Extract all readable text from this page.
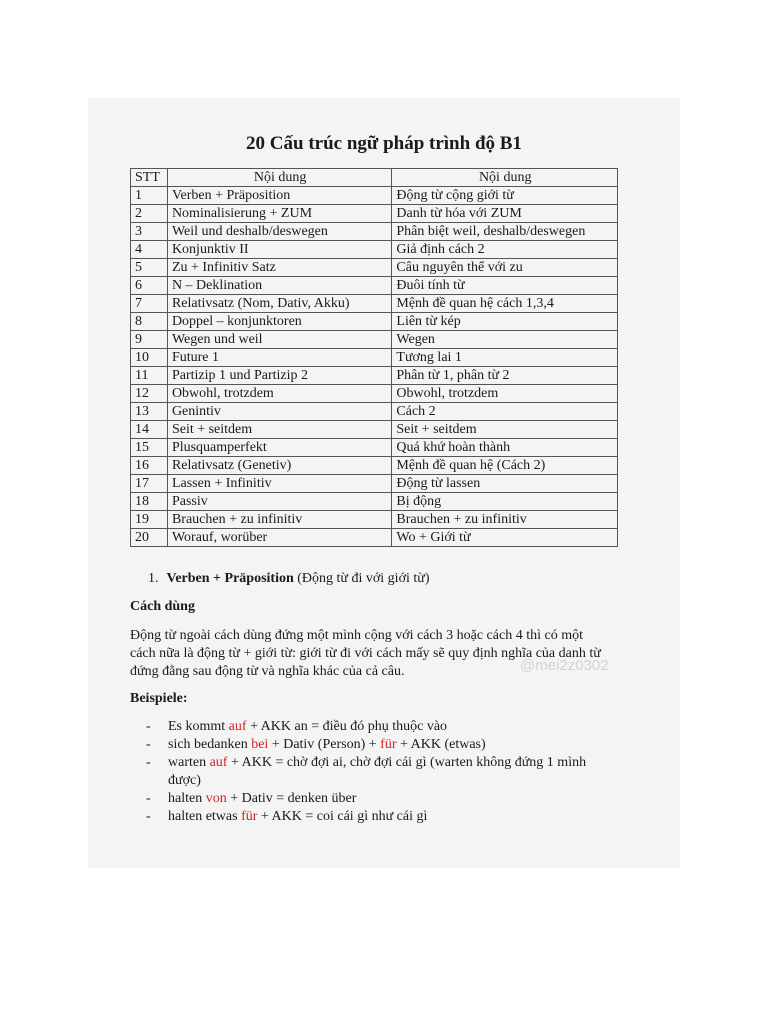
20 Cấu trúc ngữ pháp trình độ B1
STT	Nội dung	Nội dung
1	Verben + Präposition	Động từ cộng giới từ
2	Nominalisierung + ZUM	Danh từ hóa với ZUM
3	Weil und deshalb/deswegen	Phân biệt weil, deshalb/deswegen
4	Konjunktiv II	Giả định cách 2
5	Zu + Infinitiv Satz	Câu nguyên thể với zu
6	N – Deklination	Đuôi tính từ
7	Relativsatz (Nom, Dativ, Akku)	Mệnh đề quan hệ cách 1,3,4
8	Doppel – konjunktoren	Liên từ kép
9	Wegen und weil	Wegen
10	Future 1	Tương lai 1
11	Partizip 1 und Partizip 2	Phân từ 1, phân từ 2
12	Obwohl, trotzdem	Obwohl, trotzdem
13	Genintiv	Cách 2
14	Seit + seitdem	Seit + seitdem
15	Plusquamperfekt	Quá khứ hoàn thành
16	Relativsatz (Genetiv)	Mệnh đề quan hệ (Cách 2)
17	Lassen + Infinitiv	Động từ lassen
18	Passiv	Bị động
19	Brauchen + zu infinitiv	Brauchen + zu infinitiv
20	Worauf, worüber	Wo + Giới từ
1. Verben + Präposition (Động từ đi với giới từ)
Cách dùng
Động từ ngoài cách dùng đứng một mình cộng với cách 3 hoặc cách 4 thì có một cách nữa là động từ + giới từ: giới từ đi với cách mấy sẽ quy định nghĩa của danh từ đứng đằng sau động từ và nghĩa khác của cả câu.
Beispiele:
- Es kommt auf + AKK an = điều đó phụ thuộc vào
- sich bedanken bei + Dativ (Person) + für + AKK (etwas)
- warten auf + AKK = chờ đợi ai, chờ đợi cái gì (warten không đứng 1 mình được)
- halten von + Dativ = denken über
- halten etwas für + AKK = coi cái gì như cái gì
@mei2z0302
